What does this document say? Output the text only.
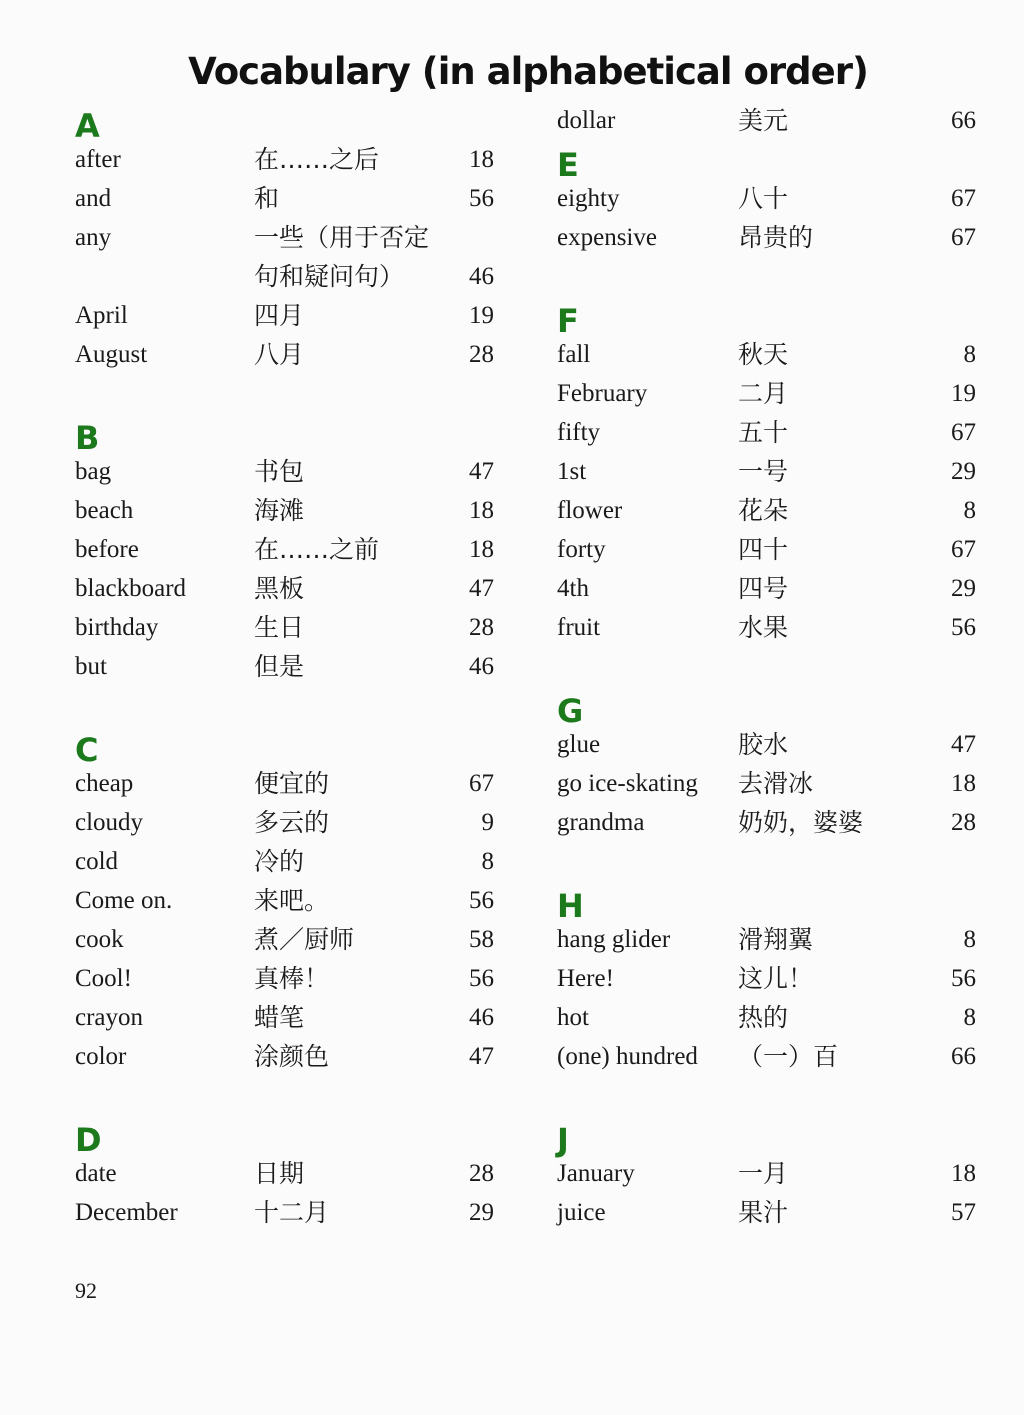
Vocabulary (in alphabetical order)
A
after	在……之后	18
and	和	56
any	一些（用于否定
句和疑问句）	46
April	四月	19
August	八月	28
B
bag	书包	47
beach	海滩	18
before	在……之前	18
blackboard	黑板	47
birthday	生日	28
but	但是	46
C
cheap	便宜的	67
cloudy	多云的	9
cold	冷的	8
Come on.	来吧。	56
cook	煮／厨师	58
Cool!	真棒！	56
crayon	蜡笔	46
color	涂颜色	47
D
date	日期	28
December	十二月	29
dollar	美元	66
E
eighty	八十	67
expensive	昂贵的	67
F
fall	秋天	8
February	二月	19
fifty	五十	67
1st	一号	29
flower	花朵	8
forty	四十	67
4th	四号	29
fruit	水果	56
G
glue	胶水	47
go ice-skating 去滑冰	18
grandma	奶奶，婆婆	28
H
hang glider	滑翔翼	8
Here!	这儿！	56
hot	热的	8
(one) hundred （一）百	66
J
January	一月	18
juice	果汁	57
92
